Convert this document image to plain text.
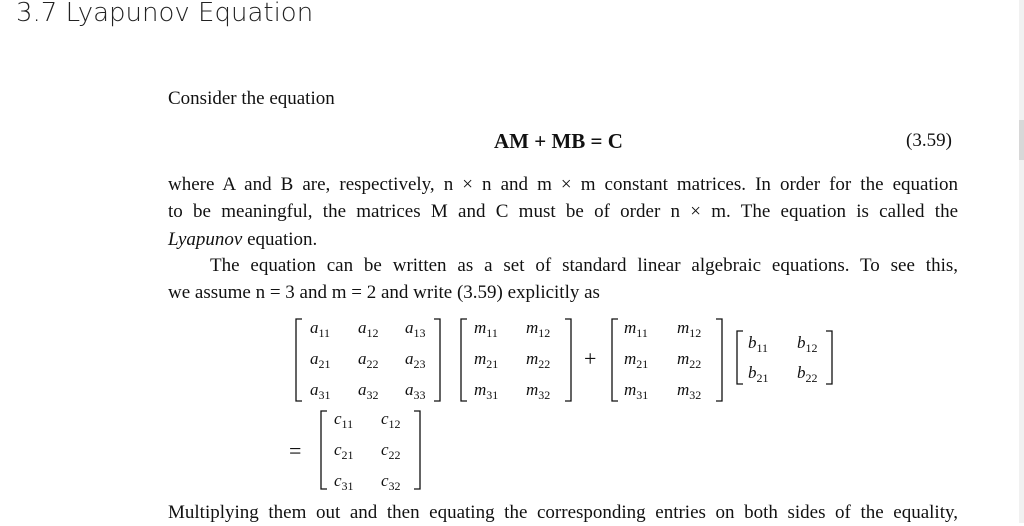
3.7 Lyapunov Equation
Consider the equation
AM + MB = C	(3.59)
where A and B are, respectively, n × n and m × m constant matrices. In order for the equation
to be meaningful, the matrices M and C must be of order n × m. The equation is called the
Lyapunov equation.
The equation can be written as a set of standard linear algebraic equations. To see this,
we assume n = 3 and m = 2 and write (3.59) explicitly as
$a_{11}$ $a_{12}$ $a_{13}$
$a_{21}$ $a_{22}$ $a_{23}$
$a_{31}$ $a_{32}$ $a_{33}$
$m_{11}$ $m_{12}$
$m_{21}$ $m_{22}$
$m_{31}$ $m_{32}$
+
$m_{11}$ $m_{12}$
$m_{21}$ $m_{22}$
$m_{31}$ $m_{32}$
$b_{11}$ $b_{12}$
$b_{21}$ $b_{22}$
=
$c_{11}$ $c_{12}$
$c_{21}$ $c_{22}$
$c_{31}$ $c_{32}$
Multiplying them out and then equating the corresponding entries on both sides of the equality,
